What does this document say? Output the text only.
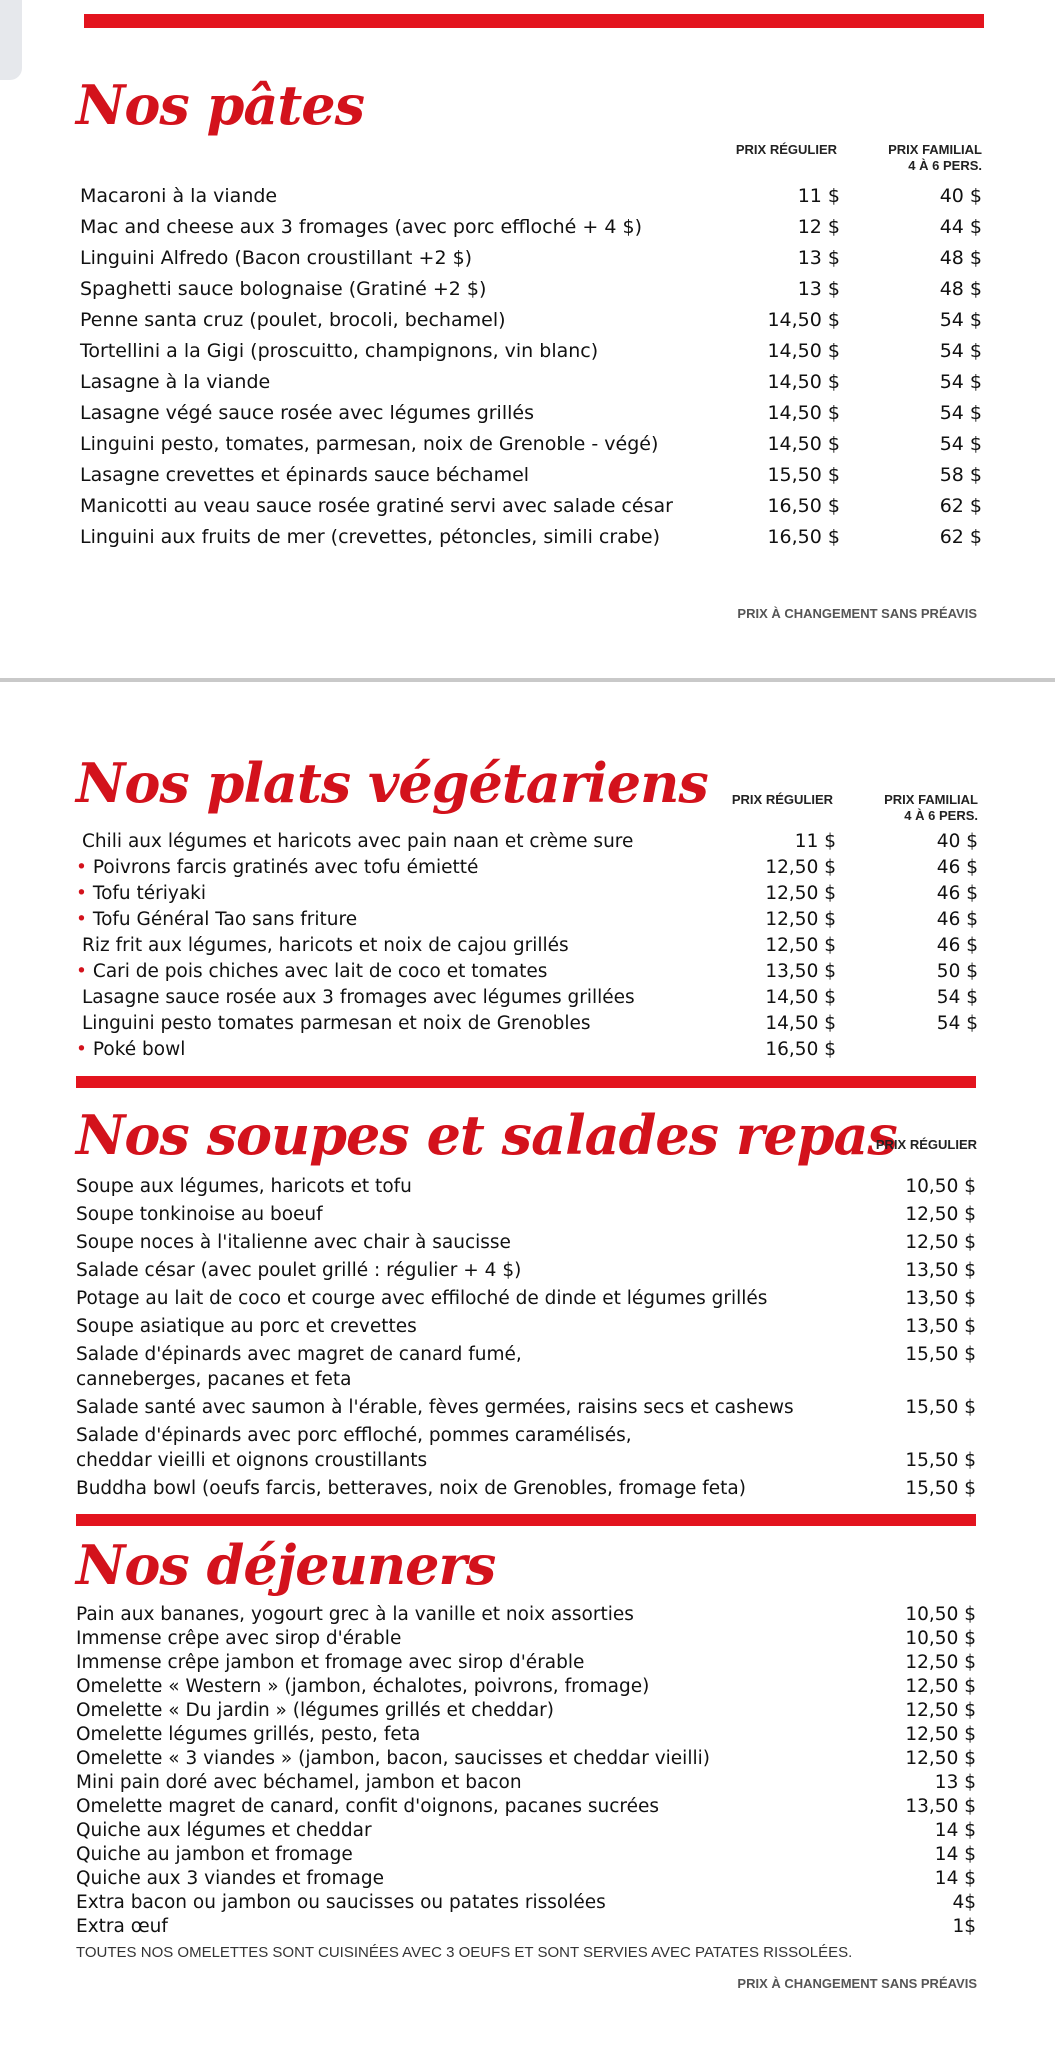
Nos pâtes
PRIX RÉGULIER	PRIX FAMILIAL
4 À 6 PERS.
Macaroni à la viande	11 $	40 $
Mac and cheese aux 3 fromages (avec porc effloché + 4 $)	12 $	44 $
Linguini Alfredo (Bacon croustillant +2 $)	13 $	48 $
Spaghetti sauce bolognaise (Gratiné +2 $)	13 $	48 $
Penne santa cruz (poulet, brocoli, bechamel)	14,50 $	54 $
Tortellini a la Gigi (proscuitto, champignons, vin blanc)	14,50 $	54 $
Lasagne à la viande	14,50 $	54 $
Lasagne végé sauce rosée avec légumes grillés	14,50 $	54 $
Linguini pesto, tomates, parmesan, noix de Grenoble - végé)	14,50 $	54 $
Lasagne crevettes et épinards sauce béchamel	15,50 $	58 $
Manicotti au veau sauce rosée gratiné servi avec salade césar	16,50 $	62 $
Linguini aux fruits de mer (crevettes, pétoncles, simili crabe)	16,50 $	62 $
PRIX À CHANGEMENT SANS PRÉAVIS
Nos plats végétariens PRIX RÉGULIER	PRIX FAMILIAL
4 À 6 PERS.
Chili aux légumes et haricots avec pain naan et crème sure	11 $	40 $
• Poivrons farcis gratinés avec tofu émietté	12,50 $	46 $
• Tofu tériyaki	12,50 $	46 $
• Tofu Général Tao sans friture	12,50 $	46 $
Riz frit aux légumes, haricots et noix de cajou grillés	12,50 $	46 $
• Cari de pois chiches avec lait de coco et tomates	13,50 $	50 $
Lasagne sauce rosée aux 3 fromages avec légumes grillées	14,50 $	54 $
Linguini pesto tomates parmesan et noix de Grenobles	14,50 $	54 $
• Poké bowl	16,50 $
Nos soupes et salades repas
PRIX RÉGULIER
Soupe aux légumes, haricots et tofu	10,50 $
Soupe tonkinoise au boeuf	12,50 $
Soupe noces à l'italienne avec chair à saucisse	12,50 $
Salade césar (avec poulet grillé : régulier + 4 $)	13,50 $
Potage au lait de coco et courge avec effiloché de dinde et légumes grillés	13,50 $
Soupe asiatique au porc et crevettes	13,50 $
Salade d'épinards avec magret de canard fumé,	15,50 $
canneberges, pacanes et feta
Salade santé avec saumon à l'érable, fèves germées, raisins secs et cashews	15,50 $
Salade d'épinards avec porc effloché, pommes caramélisés,
cheddar vieilli et oignons croustillants	15,50 $
Buddha bowl (oeufs farcis, betteraves, noix de Grenobles, fromage feta)	15,50 $
Nos déjeuners
Pain aux bananes, yogourt grec à la vanille et noix assorties	10,50 $
Immense crêpe avec sirop d'érable	10,50 $
Immense crêpe jambon et fromage avec sirop d'érable	12,50 $
Omelette « Western » (jambon, échalotes, poivrons, fromage)	12,50 $
Omelette « Du jardin » (légumes grillés et cheddar)	12,50 $
Omelette légumes grillés, pesto, feta	12,50 $
Omelette « 3 viandes » (jambon, bacon, saucisses et cheddar vieilli)	12,50 $
Mini pain doré avec béchamel, jambon et bacon	13 $
Omelette magret de canard, confit d'oignons, pacanes sucrées	13,50 $
Quiche aux légumes et cheddar	14 $
Quiche au jambon et fromage	14 $
Quiche aux 3 viandes et fromage	14 $
Extra bacon ou jambon ou saucisses ou patates rissolées	4$
Extra œuf	1$
TOUTES NOS OMELETTES SONT CUISINÉES AVEC 3 OEUFS ET SONT SERVIES AVEC PATATES RISSOLÉES.
PRIX À CHANGEMENT SANS PRÉAVIS
